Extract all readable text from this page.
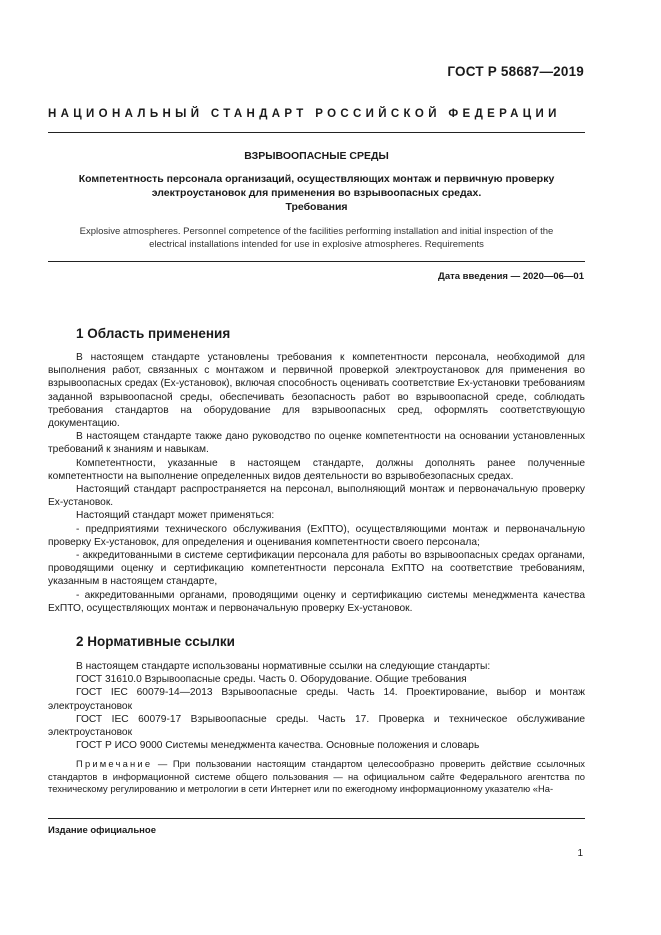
ГОСТ Р 58687—2019
НАЦИОНАЛЬНЫЙ СТАНДАРТ РОССИЙСКОЙ ФЕДЕРАЦИИ
ВЗРЫВООПАСНЫЕ СРЕДЫ
Компетентность персонала организаций, осуществляющих монтаж и первичную проверку
электроустановок для применения во взрывоопасных средах.
Требования
Explosive atmospheres. Personnel competence of the facilities performing installation and initial inspection of the
electrical installations intended for use in explosive atmospheres. Requirements
Дата введения — 2020—06—01
1 Область применения

В настоящем стандарте установлены требования к компетентности персонала, необходимой для выполнения работ, связанных с монтажом и первичной проверкой электроустановок для применения во взрывоопасных средах (Ex-установок), включая способность оценивать соответствие Ex-установки требованиям заданной взрывоопасной среды, обеспечивать безопасность работ во взрывоопасной среде, соблюдать требования стандартов на оборудование для взрывоопасных сред, оформлять соответствующую документацию.

В настоящем стандарте также дано руководство по оценке компетентности на основании установленных требований к знаниям и навыкам.

Компетентности, указанные в настоящем стандарте, должны дополнять ранее полученные компетентности на выполнение определенных видов деятельности во взрывобезопасных средах.

Настоящий стандарт распространяется на персонал, выполняющий монтаж и первоначальную проверку Ex-установок.

Настоящий стандарт может применяться:

- предприятиями технического обслуживания (ЕхПТО), осуществляющими монтаж и первоначальную проверку Ex-установок, для определения и оценивания компетентности своего персонала;

- аккредитованными в системе сертификации персонала для работы во взрывоопасных средах органами, проводящими оценку и сертификацию компетентности персонала ЕхПТО на соответствие требованиям, указанным в настоящем стандарте,

- аккредитованными органами, проводящими оценку и сертификацию системы менеджмента качества ЕхПТО, осуществляющих монтаж и первоначальную проверку Ex-установок.

2 Нормативные ссылки

В настоящем стандарте использованы нормативные ссылки на следующие стандарты:

ГОСТ 31610.0 Взрывоопасные среды. Часть 0. Оборудование. Общие требования

ГОСТ IEC 60079-14—2013 Взрывоопасные среды. Часть 14. Проектирование, выбор и монтаж электроустановок

ГОСТ IEC 60079-17 Взрывоопасные среды. Часть 17. Проверка и техническое обслуживание электроустановок

ГОСТ Р ИСО 9000 Системы менеджмента качества. Основные положения и словарь

Примечание — При пользовании настоящим стандартом целесообразно проверить действие ссылочных стандартов в информационной системе общего пользования — на официальном сайте Федерального агентства по техническому регулированию и метрологии в сети Интернет или по ежегодному информационному указателю «На-

Издание официальное
1
